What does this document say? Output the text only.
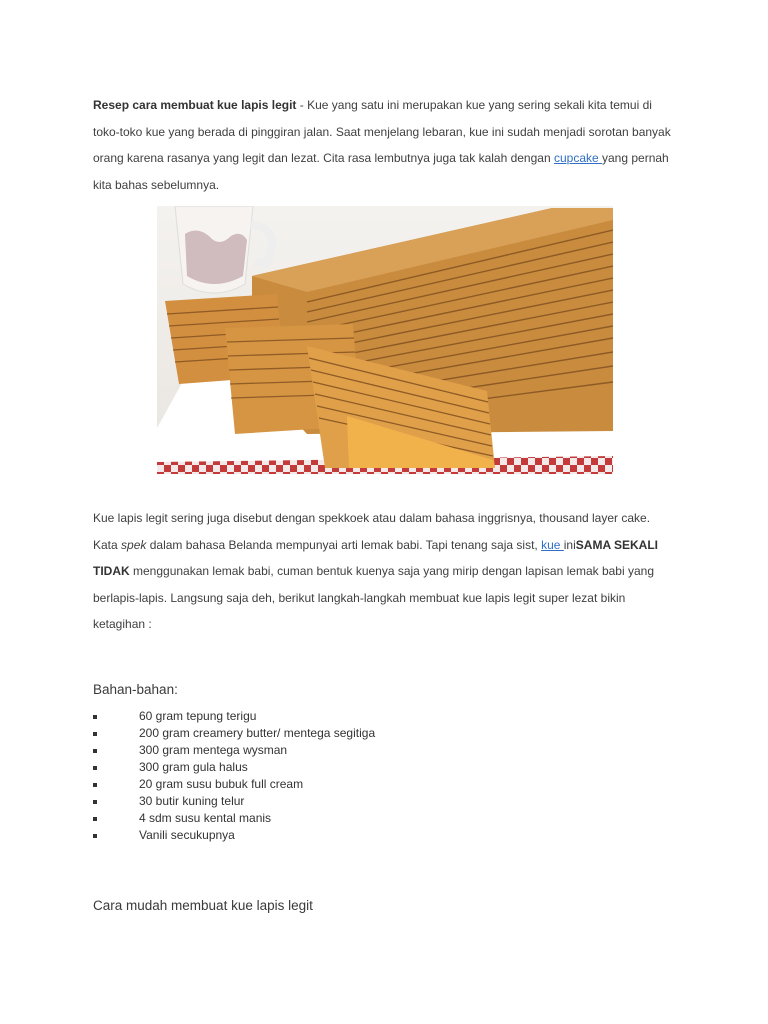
Resep cara membuat kue lapis legit - Kue yang satu ini merupakan kue yang sering sekali kita temui di toko-toko kue yang berada di pinggiran jalan. Saat menjelang lebaran, kue ini sudah menjadi sorotan banyak orang karena rasanya yang legit dan lezat. Cita rasa lembutnya juga tak kalah dengan cupcake yang pernah kita bahas sebelumnya.

Kue lapis legit sering juga disebut dengan spekkoek atau dalam bahasa inggrisnya, thousand layer cake. Kata spek dalam bahasa Belanda mempunyai arti lemak babi. Tapi tenang saja sist, kue iniSAMA SEKALI TIDAK menggunakan lemak babi, cuman bentuk kuenya saja yang mirip dengan lapisan lemak babi yang berlapis-lapis. Langsung saja deh, berikut langkah-langkah membuat kue lapis legit super lezat bikin ketagihan :

Bahan-bahan:
60 gram tepung terigu
200 gram creamery butter/ mentega segitiga
300 gram mentega wysman
300 gram gula halus
20 gram susu bubuk full cream
30 butir kuning telur
4 sdm susu kental manis
Vanili secukupnya
Cara mudah membuat kue lapis legit
